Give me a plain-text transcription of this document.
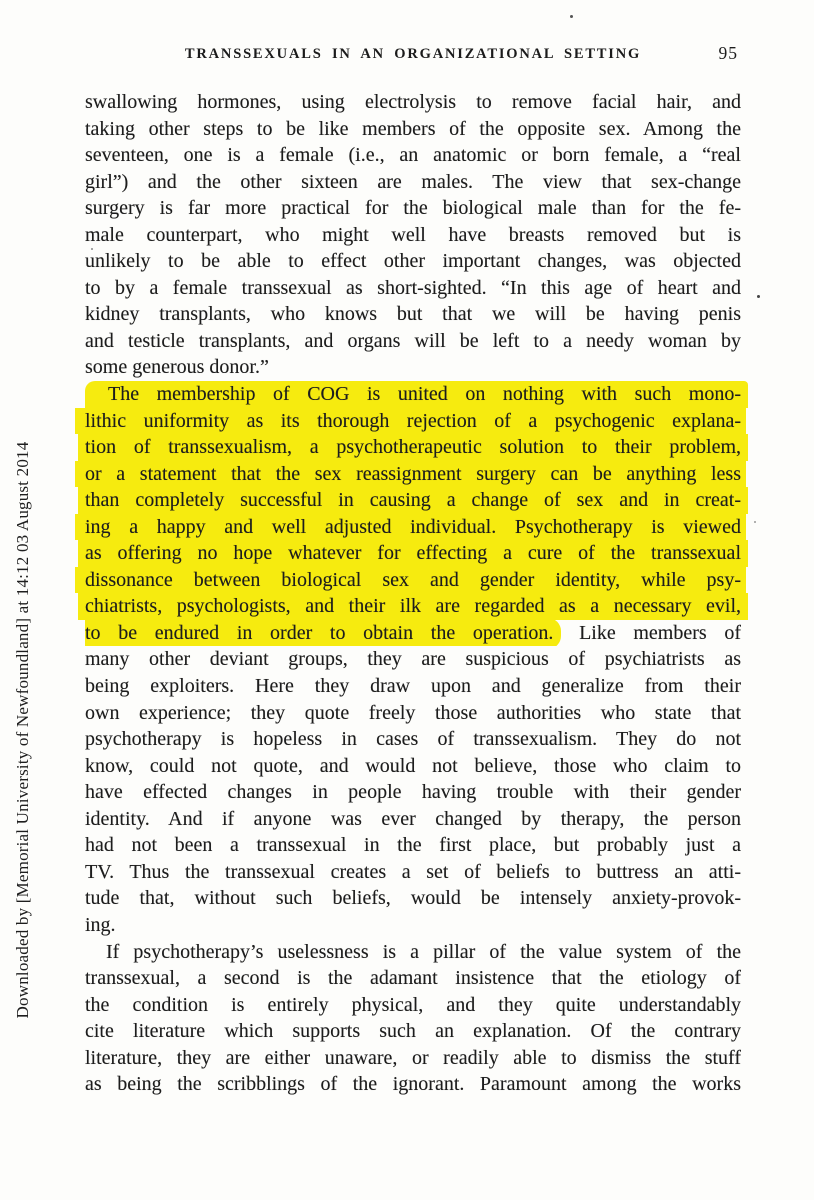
Downloaded by [Memorial University of Newfoundland] at 14:12 03 August 2014
TRANSSEXUALS IN AN ORGANIZATIONAL SETTING	95
swallowing hormones, using electrolysis to remove facial hair, and
taking other steps to be like members of the opposite sex. Among the
seventeen, one is a female (i.e., an anatomic or born female, a “real
girl”) and the other sixteen are males. The view that sex-change
surgery is far more practical for the biological male than for the fe-
male counterpart, who might well have breasts removed but is
unlikely to be able to effect other important changes, was objected
to by a female transsexual as short-sighted. “In this age of heart and
kidney transplants, who knows but that we will be having penis
and testicle transplants, and organs will be left to a needy woman by
some generous donor.”
The membership of COG is united on nothing with such mono-
lithic uniformity as its thorough rejection of a psychogenic explana-
tion of transsexualism, a psychotherapeutic solution to their problem,
or a statement that the sex reassignment surgery can be anything less
than completely successful in causing a change of sex and in creat-
ing a happy and well adjusted individual. Psychotherapy is viewed
as offering no hope whatever for effecting a cure of the transsexual
dissonance between biological sex and gender identity, while psy-
chiatrists, psychologists, and their ilk are regarded as a necessary evil,
to be endured in order to obtain the operation. Like members of
many other deviant groups, they are suspicious of psychiatrists as
being exploiters. Here they draw upon and generalize from their
own experience; they quote freely those authorities who state that
psychotherapy is hopeless in cases of transsexualism. They do not
know, could not quote, and would not believe, those who claim to
have effected changes in people having trouble with their gender
identity. And if anyone was ever changed by therapy, the person
had not been a transsexual in the first place, but probably just a
TV. Thus the transsexual creates a set of beliefs to buttress an atti-
tude that, without such beliefs, would be intensely anxiety-provok-
ing.
If psychotherapy’s uselessness is a pillar of the value system of the
transsexual, a second is the adamant insistence that the etiology of
the condition is entirely physical, and they quite understandably
cite literature which supports such an explanation. Of the contrary
literature, they are either unaware, or readily able to dismiss the stuff
as being the scribblings of the ignorant. Paramount among the works
